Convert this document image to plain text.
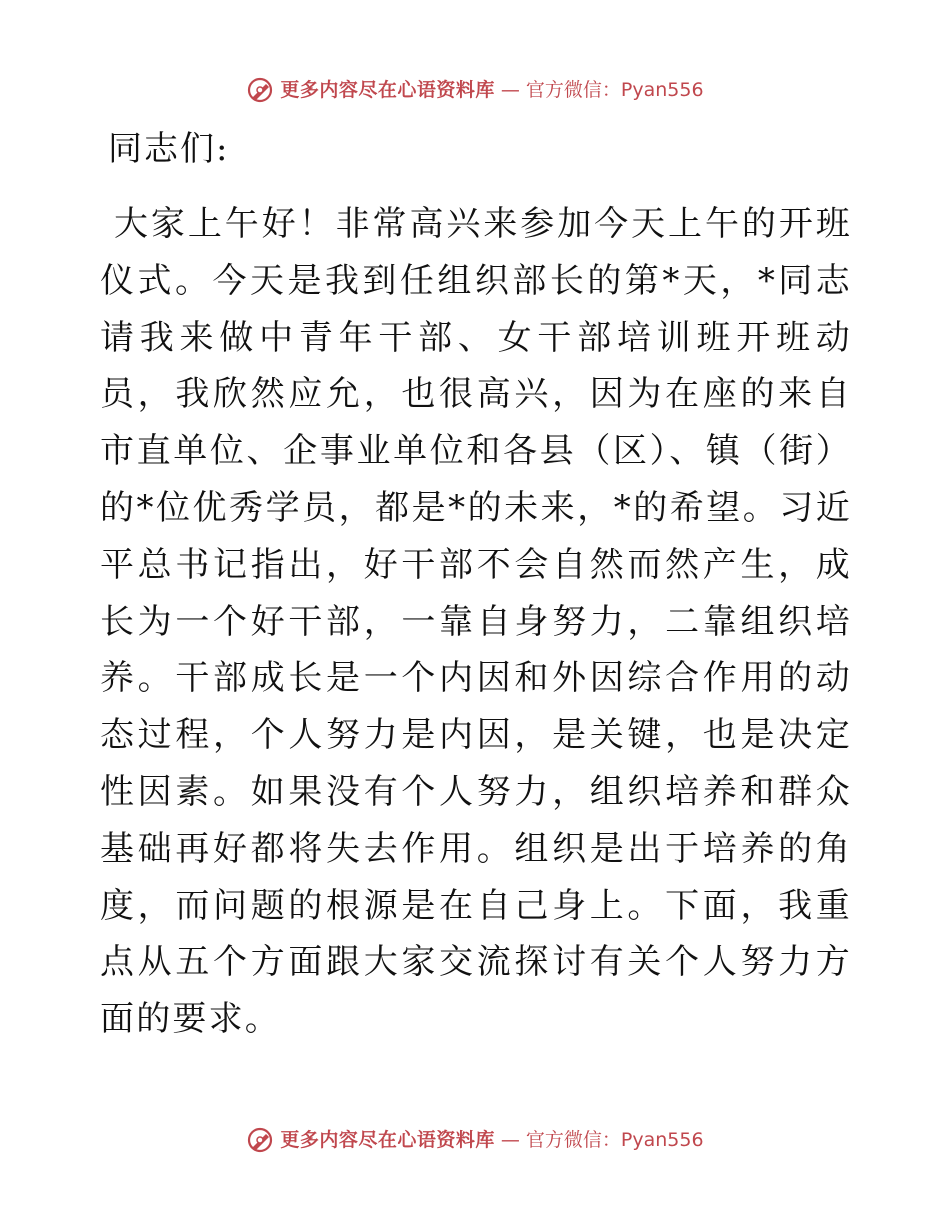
更多内容尽在心语资料库 — 官方微信：Pyan556

同志们:

大家上午好！非常高兴来参加今天上午的开班仪式。今天是我到任组织部长的第*天，*同志请我来做中青年干部、女干部培训班开班动员，我欣然应允，也很高兴，因为在座的来自市直单位、企事业单位和各县（区）、镇（街）的*位优秀学员，都是*的未来，*的希望。习近平总书记指出，好干部不会自然而然产生，成长为一个好干部，一靠自身努力，二靠组织培养。干部成长是一个内因和外因综合作用的动态过程，个人努力是内因，是关键，也是决定性因素。如果没有个人努力，组织培养和群众基础再好都将失去作用。组织是出于培养的角度，而问题的根源是在自己身上。下面，我重点从五个方面跟大家交流探讨有关个人努力方面的要求。

更多内容尽在心语资料库 — 官方微信：Pyan556
